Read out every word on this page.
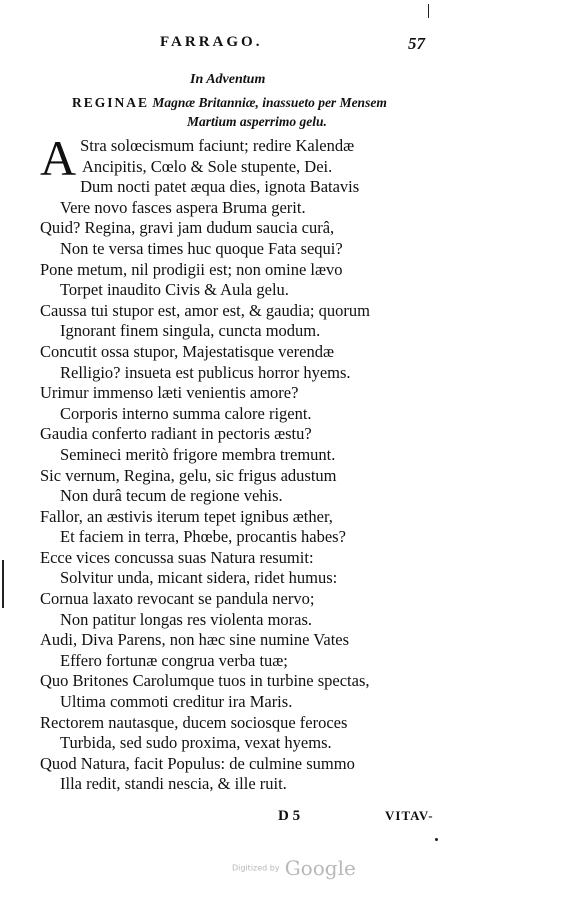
FARRAGO.	57
In Adventum
REGINAE Magnæ Britanniæ, inassueto per Mensem
Martium asperrimo gelu.
A Stra solœcismum faciunt; redire Kalendæ
Ancipitis, Cœlo & Sole stupente, Dei.
Dum nocti patet æqua dies, ignota Batavis
Vere novo fasces aspera Bruma gerit.
Quid? Regina, gravi jam dudum saucia curâ,
Non te versa times huc quoque Fata sequi?
Pone metum, nil prodigii est; non omine lævo
Torpet inaudito Civis & Aula gelu.
Caussa tui stupor est, amor est, & gaudia; quorum
Ignorant finem singula, cuncta modum.
Concutit ossa stupor, Majestatisque verendæ
Relligio? insueta est publicus horror hyems.
Urimur immenso læti venientis amore?
Corporis interno summa calore rigent.
Gaudia conferto radiant in pectoris æstu?
Semineci meritò frigore membra tremunt.
Sic vernum, Regina, gelu, sic frigus adustum
Non durâ tecum de regione vehis.
Fallor, an æstivis iterum tepet ignibus æther,
Et faciem in terra, Phœbe, procantis habes?
Ecce vices concussa suas Natura resumit:
Solvitur unda, micant sidera, ridet humus:
Cornua laxato revocant se pandula nervo;
Non patitur longas res violenta moras.
Audi, Diva Parens, non hæc sine numine Vates
Effero fortunæ congrua verba tuæ;
Quo Britones Carolumque tuos in turbine spectas,
Ultima commoti creditur ira Maris.
Rectorem nautasque, ducem sociosque feroces
Turbida, sed sudo proxima, vexat hyems.
Quod Natura, facit Populus: de culmine summo
Illa redit, standi nescia, & ille ruit.
D 5	VITAV-
Digitized by Google
